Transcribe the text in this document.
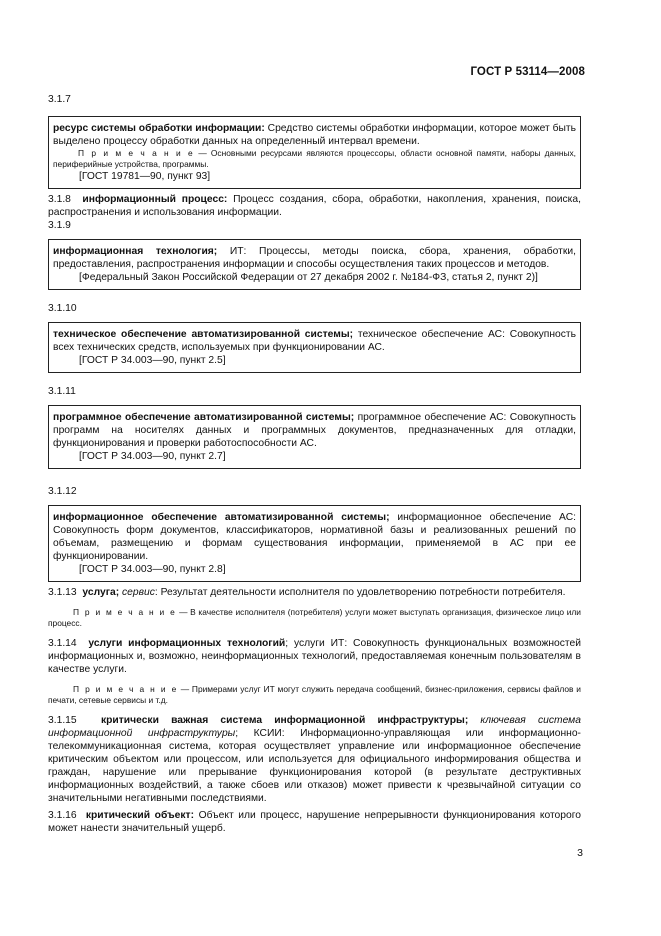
ГОСТ Р 53114—2008

3.1.7

ресурс системы обработки информации: Средство системы обработки информации, которое может быть выделено процессу обработки данных на определенный интервал времени.

П р и м е ч а н и е — Основными ресурсами являются процессоры, области основной памяти, наборы данных, периферийные устройства, программы.

[ГОСТ 19781—90, пункт 93]

3.1.8 информационный процесс: Процесс создания, сбора, обработки, накопления, хранения, поиска, распространения и использования информации.

3.1.9

информационная технология; ИТ: Процессы, методы поиска, сбора, хранения, обработки, предоставления, распространения информации и способы осуществления таких процессов и методов.

[Федеральный Закон Российской Федерации от 27 декабря 2002 г. №184-ФЗ, статья 2, пункт 2)]

3.1.10

техническое обеспечение автоматизированной системы; техническое обеспечение АС: Совокупность всех технических средств, используемых при функционировании АС.

[ГОСТ Р 34.003—90, пункт 2.5]

3.1.11

программное обеспечение автоматизированной системы; программное обеспечение АС: Совокупность программ на носителях данных и программных документов, предназначенных для отладки, функционирования и проверки работоспособности АС.

[ГОСТ Р 34.003—90, пункт 2.7]

3.1.12

информационное обеспечение автоматизированной системы; информационное обеспечение АС: Совокупность форм документов, классификаторов, нормативной базы и реализованных решений по объемам, размещению и формам существования информации, применяемой в АС при ее функционировании.

[ГОСТ Р 34.003—90, пункт 2.8]

3.1.13 услуга; сервис: Результат деятельности исполнителя по удовлетворению потребности потребителя.

П р и м е ч а н и е — В качестве исполнителя (потребителя) услуги может выступать организация, физическое лицо или процесс.

3.1.14 услуги информационных технологий; услуги ИТ: Совокупность функциональных возможностей информационных и, возможно, неинформационных технологий, предоставляемая конечным пользователям в качестве услуги.

П р и м е ч а н и е — Примерами услуг ИТ могут служить передача сообщений, бизнес-приложения, сервисы файлов и печати, сетевые сервисы и т.д.

3.1.15 критически важная система информационной инфраструктуры; ключевая система информационной инфраструктуры; КСИИ: Информационно-управляющая или информационно-телекоммуникационная система, которая осуществляет управление или информационное обеспечение критическим объектом или процессом, или используется для официального информирования общества и граждан, нарушение или прерывание функционирования которой (в результате деструктивных информационных воздействий, а также сбоев или отказов) может привести к чрезвычайной ситуации со значительными негативными последствиями.

3.1.16 критический объект: Объект или процесс, нарушение непрерывности функционирования которого может нанести значительный ущерб.

3
